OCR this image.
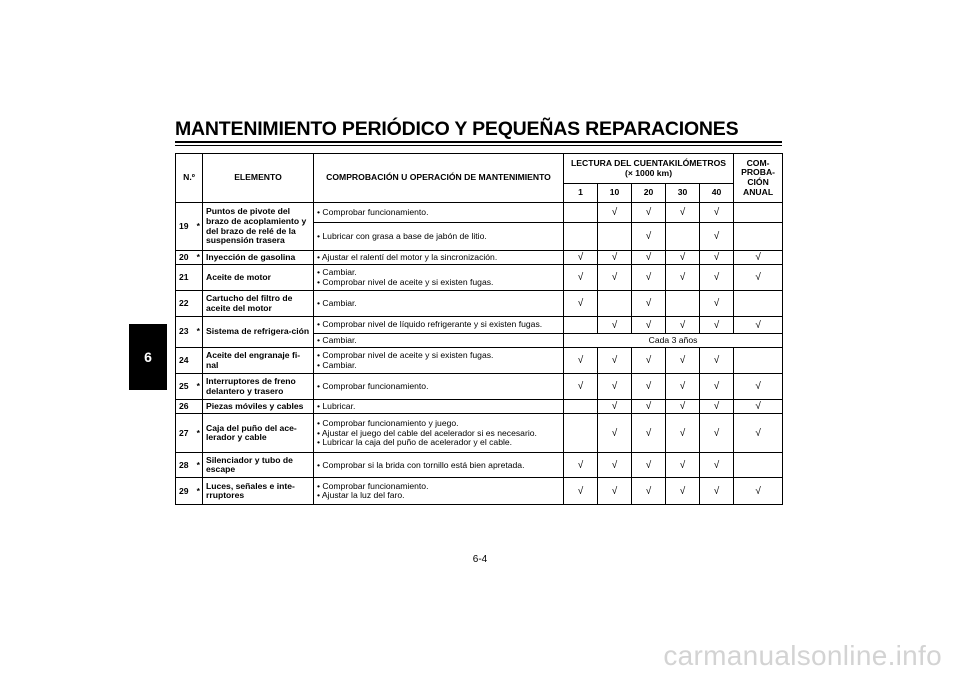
MANTENIMIENTO PERIÓDICO Y PEQUEÑAS REPARACIONES
6
N.º	ELEMENTO	COMPROBACIÓN U OPERACIÓN DE MANTENIMIENTO	LECTURA DEL CUENTAKILÓMETROS
(× 1000 km)					COM-
PROBA-
CIÓN
ANUAL
			1	10	20	30	40	

19 *	Puntos de pivote del brazo de acoplamiento y del brazo de relé de la suspensión trasera	• Comprobar funcionamiento.		√	√	√	√	

		• Lubricar con grasa a base de jabón de litio.			√		√	

20 *	Inyección de gasolina	• Ajustar el ralentí del motor y la sincronización.	√	√	√	√	√	√

21	Aceite de motor	• Cambiar.
• Comprobar nivel de aceite y si existen fugas.	√	√	√	√	√	√

22	Cartucho del filtro de aceite del motor	• Cambiar.	√		√		√	

23 *	Sistema de refrigera-ción	• Comprobar nivel de líquido refrigerante y si existen fugas.		√	√	√	√	√

		• Cambiar.	Cada 3 años					

24	Aceite del engranaje fi-nal	• Comprobar nivel de aceite y si existen fugas.
• Cambiar.	√	√	√	√	√	

25 *	Interruptores de freno delantero y trasero	• Comprobar funcionamiento.	√	√	√	√	√	√

26	Piezas móviles y cables	• Lubricar.		√	√	√	√	√

27 *	Caja del puño del ace-lerador y cable	• Comprobar funcionamiento y juego.
• Ajustar el juego del cable del acelerador si es necesario.
• Lubricar la caja del puño de acelerador y el cable.		√	√	√	√	√

28 *	Silenciador y tubo de escape	• Comprobar si la brida con tornillo está bien apretada.	√	√	√	√	√	

29 *	Luces, señales e inte-rruptores	• Comprobar funcionamiento.
• Ajustar la luz del faro.	√	√	√	√	√	√
6-4
carmanualsonline.info
